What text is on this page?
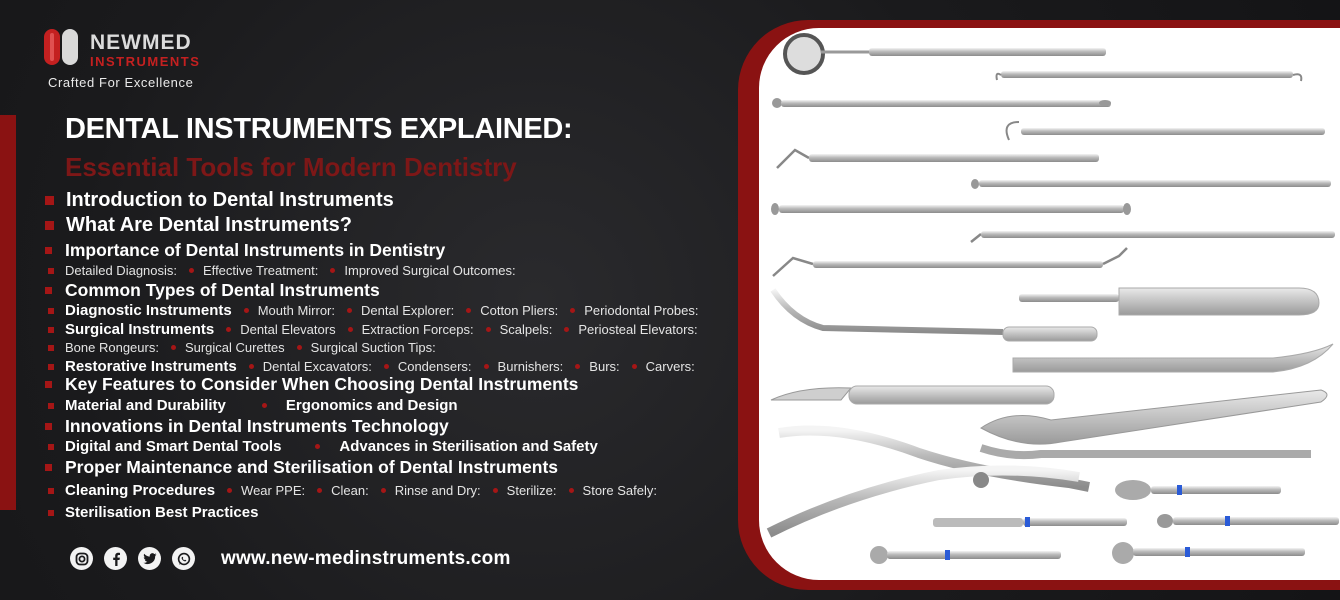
NEWMED
INSTRUMENTS
Crafted For Excellence
DENTAL INSTRUMENTS EXPLAINED:
Essential Tools for Modern Dentistry
Introduction to Dental Instruments
What Are Dental Instruments?
Importance of Dental Instruments in Dentistry
Detailed Diagnosis: Effective Treatment: Improved Surgical Outcomes:
Common Types of Dental Instruments
Diagnostic Instruments Mouth Mirror: Dental Explorer: Cotton Pliers: Periodontal Probes:
Surgical Instruments Dental Elevators Extraction Forceps: Scalpels: Periosteal Elevators:
Bone Rongeurs: Surgical Curettes Surgical Suction Tips:
Restorative Instruments Dental Excavators: Condensers: Burnishers: Burs: Carvers:
Key Features to Consider When Choosing Dental Instruments
Material and Durability	Ergonomics and Design
Innovations in Dental Instruments Technology
Digital and Smart Dental Tools	Advances in Sterilisation and Safety
Proper Maintenance and Sterilisation of Dental Instruments
Cleaning Procedures Wear PPE: Clean: Rinse and Dry: Sterilize: Store Safely:
Sterilisation Best Practices
www.new-medinstruments.com
